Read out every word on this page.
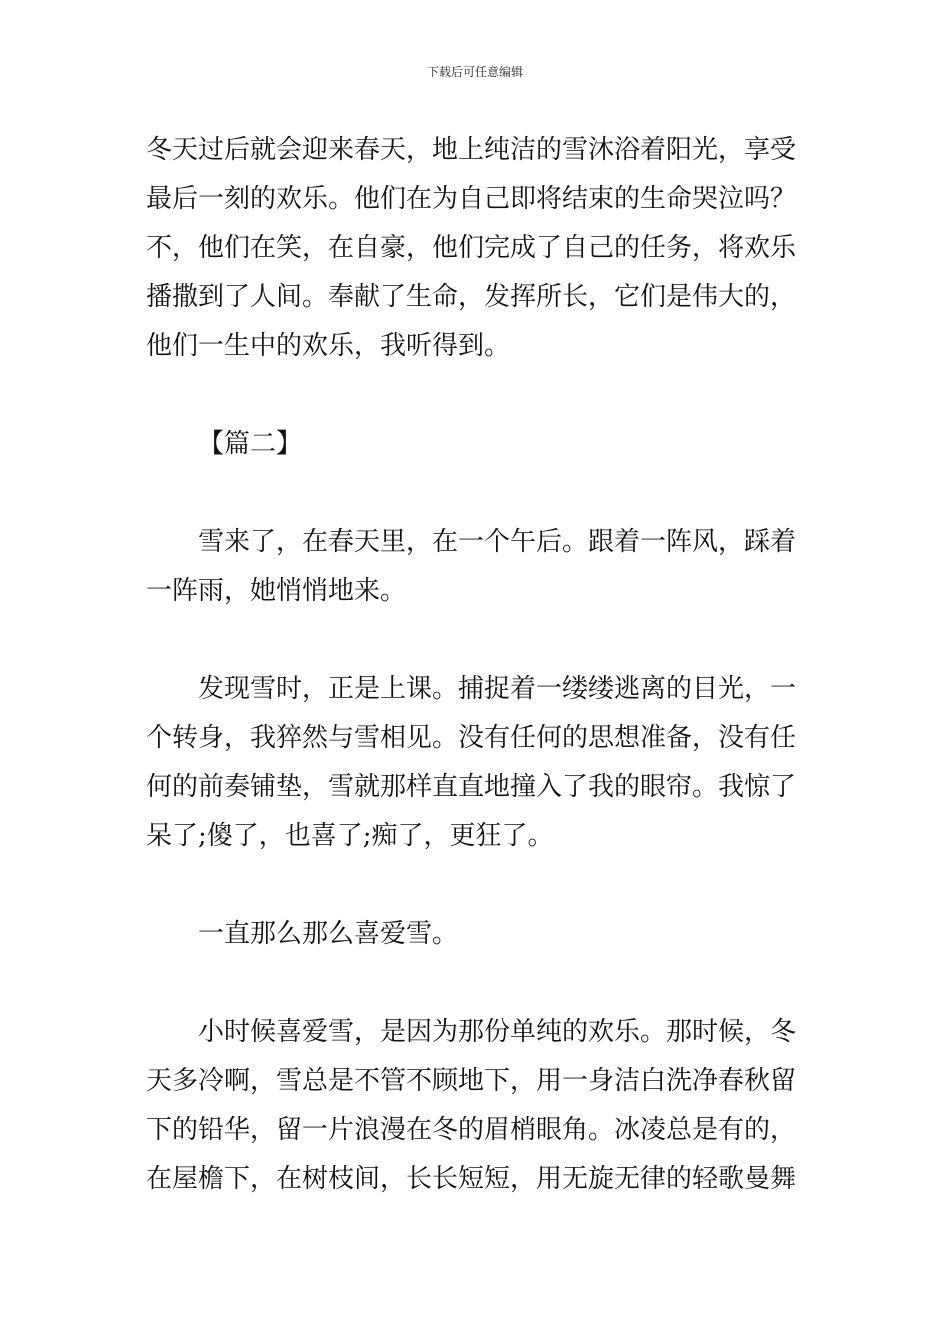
下载后可任意编辑
冬天过后就会迎来春天，地上纯洁的雪沐浴着阳光，享受
最后一刻的欢乐。他们在为自己即将结束的生命哭泣吗？
不，他们在笑，在自豪，他们完成了自己的任务，将欢乐
播撒到了人间。奉献了生命，发挥所长，它们是伟大的，
他们一生中的欢乐，我听得到。
【篇二】
雪来了，在春天里，在一个午后。跟着一阵风，踩着
一阵雨，她悄悄地来。
发现雪时，正是上课。捕捉着一缕缕逃离的目光，一
个转身，我猝然与雪相见。没有任何的思想准备，没有任
何的前奏铺垫，雪就那样直直地撞入了我的眼帘。我惊了
呆了;傻了，也喜了;痴了，更狂了。
一直那么那么喜爱雪。
小时候喜爱雪，是因为那份单纯的欢乐。那时候，冬
天多冷啊，雪总是不管不顾地下，用一身洁白洗净春秋留
下的铅华，留一片浪漫在冬的眉梢眼角。冰凌总是有的，
在屋檐下，在树枝间，长长短短，用无旋无律的轻歌曼舞
